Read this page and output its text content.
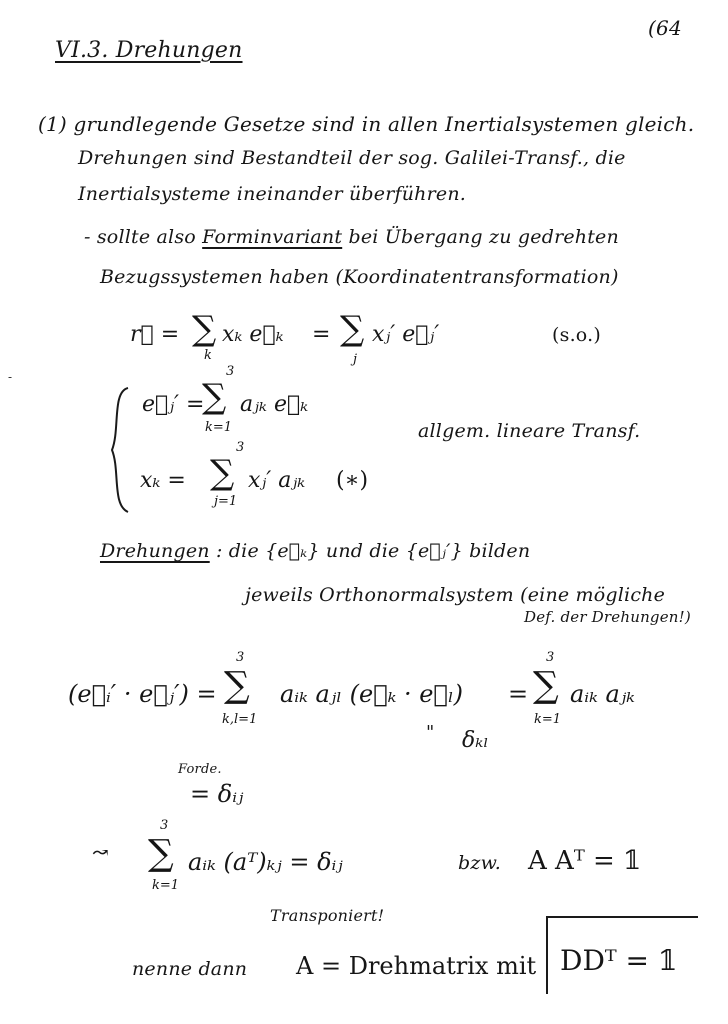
(64
VI.3. Drehungen
(1) grundlegende Gesetze sind in allen Inertialsystemen gleich.
Drehungen sind Bestandteil der sog. Galilei-Transf., die
Inertialsysteme ineinander überführen.
- sollte also Forminvariant bei Übergang zu gedrehten
Bezugssystemen haben (Koordinatentransformation)
r⃗ = ∑
k
xₖ e⃗ₖ = ∑
j
xⱼ′ e⃗ⱼ′	(s.o.)
-
e⃗ⱼ′ =
3
∑
k=1
aⱼₖ e⃗ₖ
allgem. lineare Transf.
xₖ =
3
∑
j=1
xⱼ′ aⱼₖ (∗)
Drehungen : die {e⃗ₖ} und die {e⃗ⱼ′} bilden
jeweils Orthonormalsystem (eine mögliche
Def. der Drehungen!)
(e⃗ᵢ′ · e⃗ⱼ′) =
3
∑
k,l=1
aᵢₖ aⱼₗ (e⃗ₖ · e⃗ₗ) =
3
∑
k=1
aᵢₖ aⱼₖ
" δₖₗ
Forde.
= δᵢⱼ
↝
3
∑
k=1
aᵢₖ (aᵀ)ₖⱼ = δᵢⱼ	bzw. A Aᵀ = 𝟙
Transponiert!
nenne dann A = Drehmatrix mit DDᵀ = 𝟙
